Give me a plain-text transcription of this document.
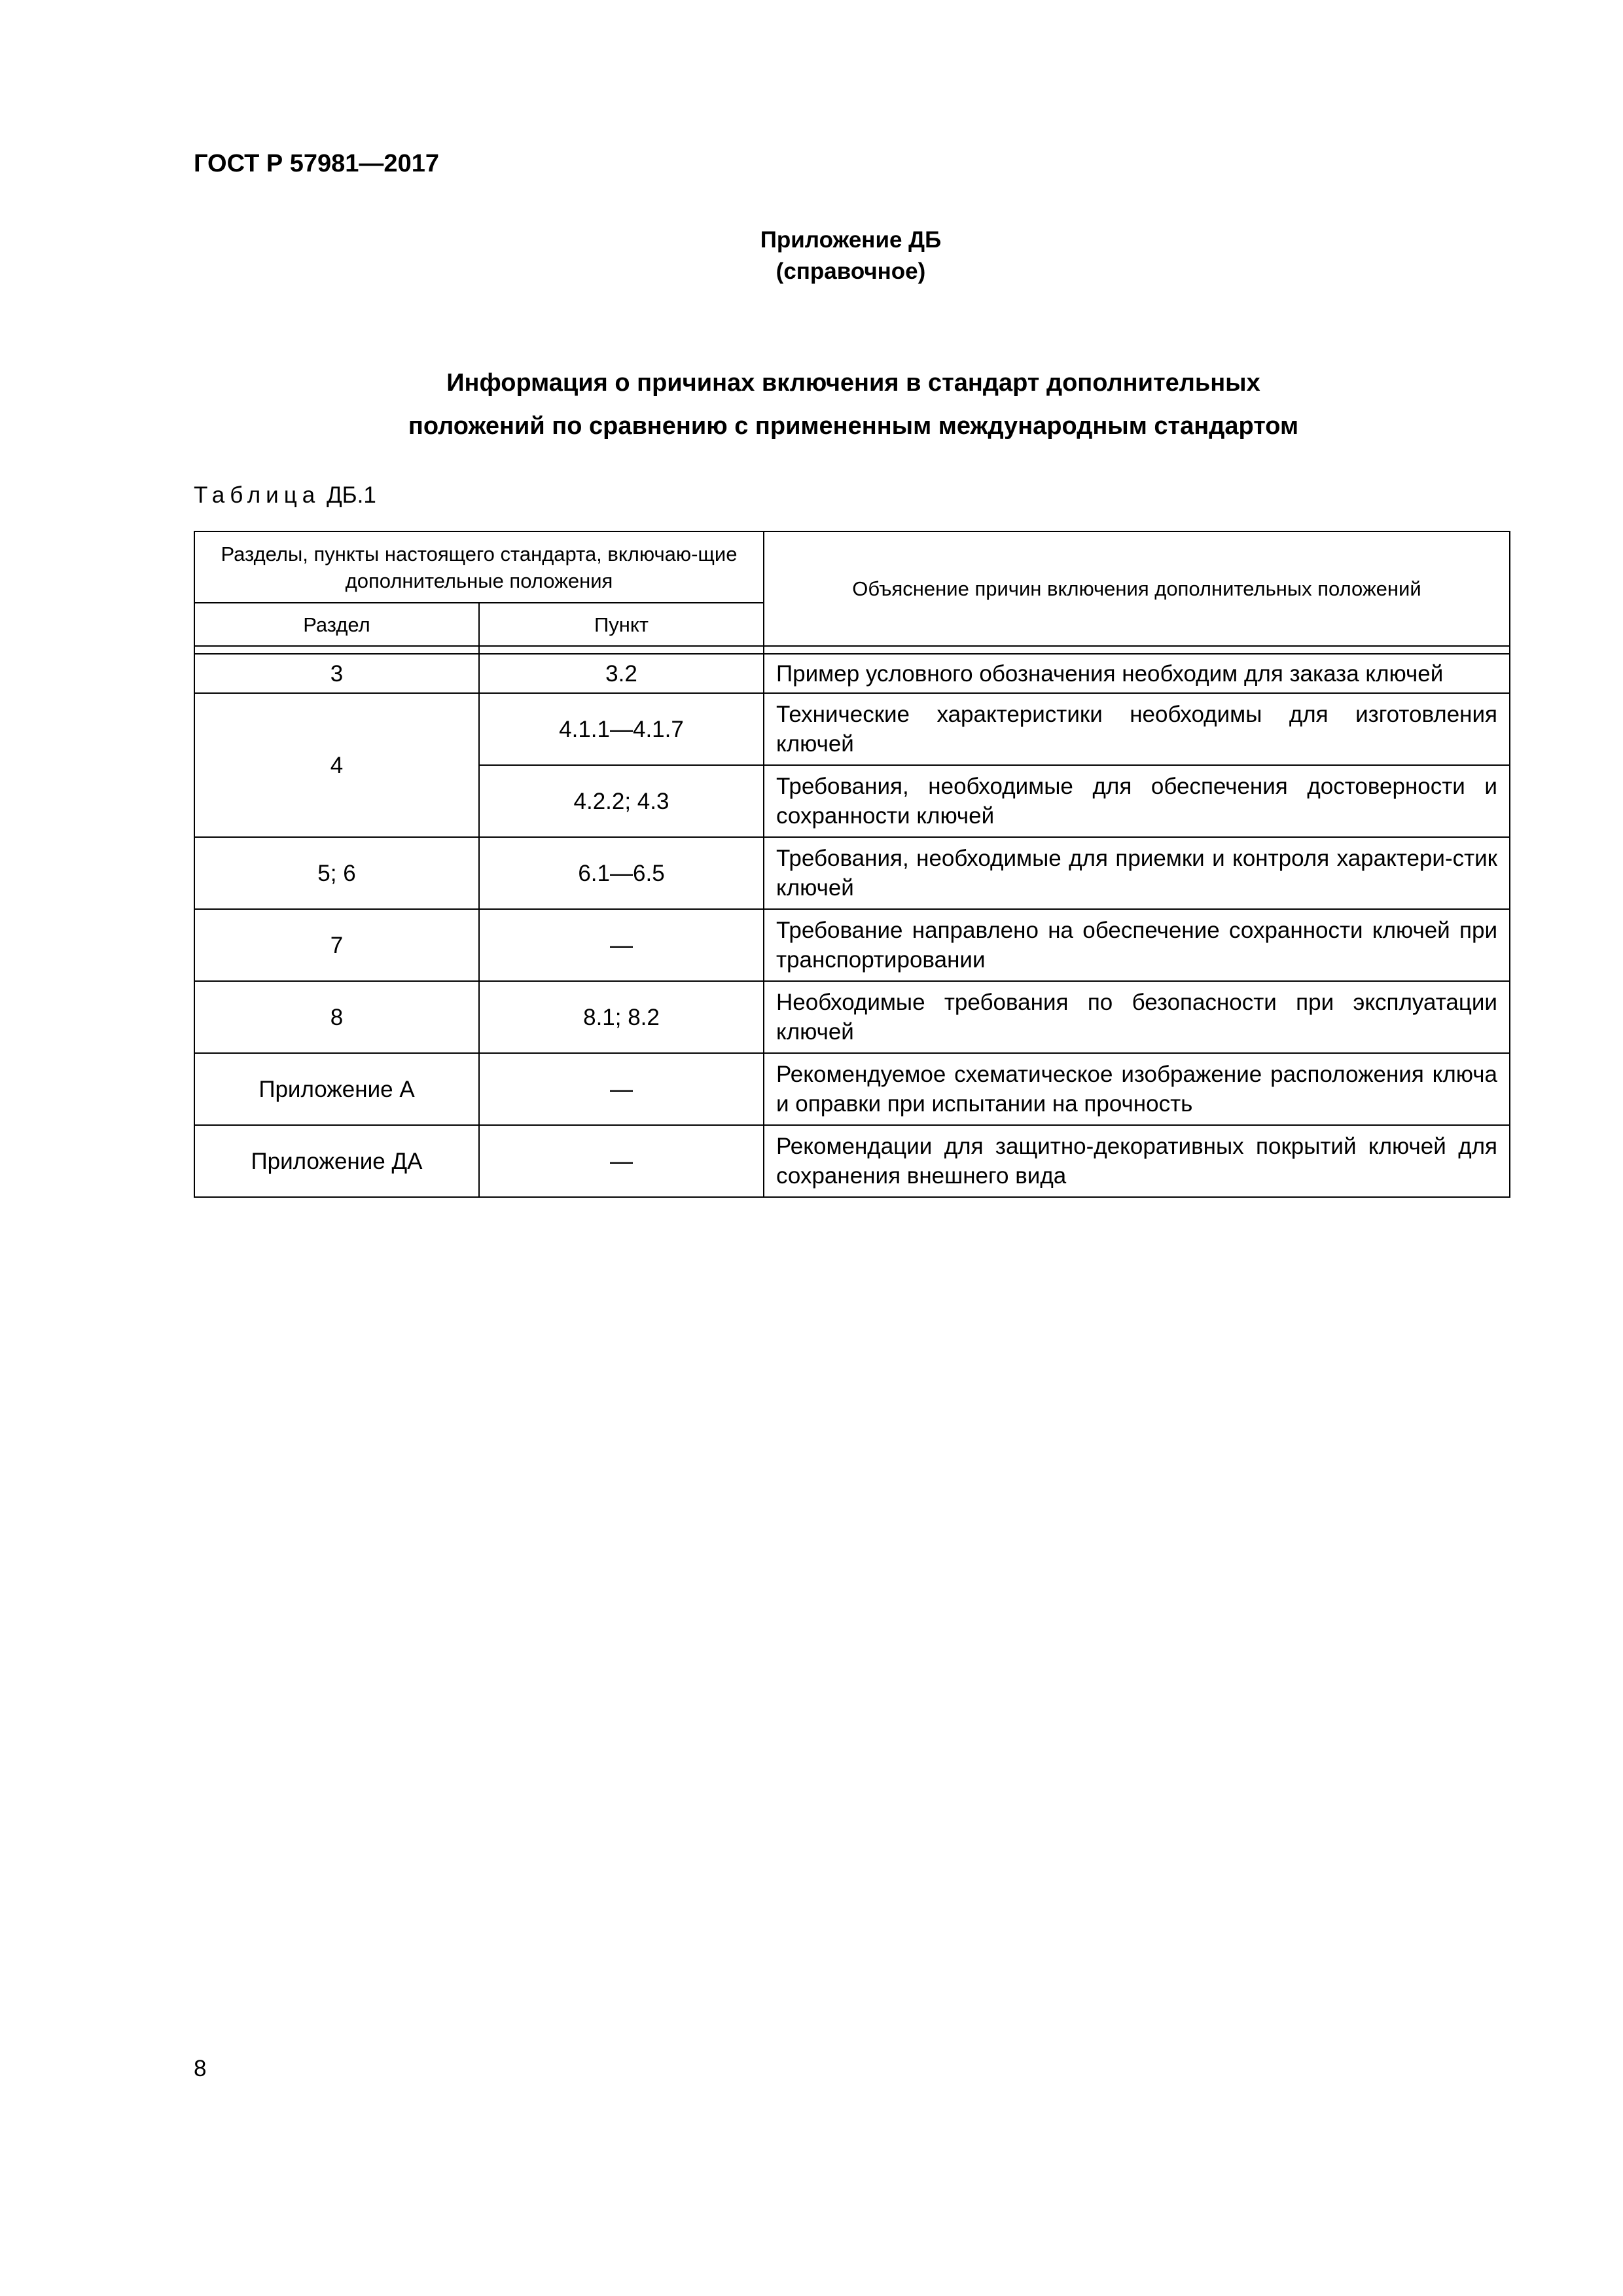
ГОСТ Р 57981—2017
Приложение ДБ
(справочное)
Информация о причинах включения в стандарт дополнительных
положений по сравнению с примененным международным стандартом
Таблица ДБ.1
Разделы, пункты настоящего стандарта, включаю-щие дополнительные положения		Объяснение причин включения дополнительных положений
Раздел	Пункт	

3	3.2	Пример условного обозначения необходим для заказа ключей
4	4.1.1—4.1.7	Технические характеристики необходимы для изготовления ключей
	4.2.2; 4.3	Требования, необходимые для обеспечения достоверности и сохранности ключей
5; 6	6.1—6.5	Требования, необходимые для приемки и контроля характери-стик ключей
7	—	Требование направлено на обеспечение сохранности ключей при транспортировании
8	8.1; 8.2	Необходимые требования по безопасности при эксплуатации ключей
Приложение А	—	Рекомендуемое схематическое изображение расположения ключа и оправки при испытании на прочность
Приложение ДА	—	Рекомендации для защитно-декоративных покрытий ключей для сохранения внешнего вида
8
